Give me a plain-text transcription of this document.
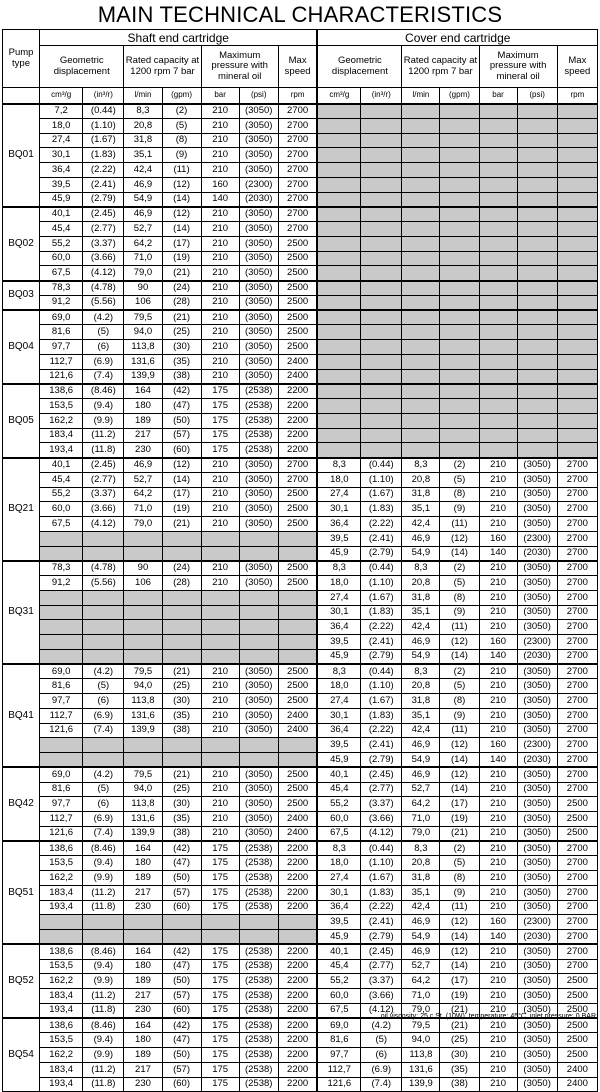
MAIN TECHNICAL CHARACTERISTICS
Pump type	Shaft end cartridge							Cover end cartridge						
	Geometric displacement		Rated capacity at 1200 rpm 7 bar		Maximum pressure with mineral oil		Max speed	Geometric displacement		Rated capacity at 1200 rpm 7 bar		Maximum pressure with mineral oil		Max speed
	cm³/g	(in³/r)	l/min	(gpm)	bar	(psi)	rpm	cm³/g	(in³/r)	l/min	(gpm)	bar	(psi)	rpm
BQ01	7,2	(0.44)	8,3	(2)	210	(3050)	2700							
	18,0	(1.10)	20,8	(5)	210	(3050)	2700							
	27,4	(1.67)	31,8	(8)	210	(3050)	2700							
	30,1	(1.83)	35,1	(9)	210	(3050)	2700							
	36,4	(2.22)	42,4	(11)	210	(3050)	2700							
	39,5	(2.41)	46,9	(12)	160	(2300)	2700							
	45,9	(2.79)	54,9	(14)	140	(2030)	2700							
BQ02	40,1	(2.45)	46,9	(12)	210	(3050)	2700							
	45,4	(2.77)	52,7	(14)	210	(3050)	2700							
	55,2	(3.37)	64,2	(17)	210	(3050)	2500							
	60,0	(3.66)	71,0	(19)	210	(3050)	2500							
	67,5	(4.12)	79,0	(21)	210	(3050)	2500							
BQ03	78,3	(4.78)	90	(24)	210	(3050)	2500							
	91,2	(5.56)	106	(28)	210	(3050)	2500							
BQ04	69,0	(4.2)	79,5	(21)	210	(3050)	2500							
	81,6	(5)	94,0	(25)	210	(3050)	2500							
	97,7	(6)	113,8	(30)	210	(3050)	2500							
	112,7	(6.9)	131,6	(35)	210	(3050)	2400							
	121,6	(7.4)	139,9	(38)	210	(3050)	2400							
BQ05	138,6	(8.46)	164	(42)	175	(2538)	2200							
	153,5	(9.4)	180	(47)	175	(2538)	2200							
	162,2	(9.9)	189	(50)	175	(2538)	2200							
	183,4	(11.2)	217	(57)	175	(2538)	2200							
	193,4	(11.8)	230	(60)	175	(2538)	2200							
BQ21	40,1	(2.45)	46,9	(12)	210	(3050)	2700	8,3	(0.44)	8,3	(2)	210	(3050)	2700
	45,4	(2.77)	52,7	(14)	210	(3050)	2700	18,0	(1.10)	20,8	(5)	210	(3050)	2700
	55,2	(3.37)	64,2	(17)	210	(3050)	2500	27,4	(1.67)	31,8	(8)	210	(3050)	2700
	60,0	(3.66)	71,0	(19)	210	(3050)	2500	30,1	(1.83)	35,1	(9)	210	(3050)	2700
	67,5	(4.12)	79,0	(21)	210	(3050)	2500	36,4	(2.22)	42,4	(11)	210	(3050)	2700
								39,5	(2.41)	46,9	(12)	160	(2300)	2700
								45,9	(2.79)	54,9	(14)	140	(2030)	2700
BQ31	78,3	(4.78)	90	(24)	210	(3050)	2500	8,3	(0.44)	8,3	(2)	210	(3050)	2700
	91,2	(5.56)	106	(28)	210	(3050)	2500	18,0	(1.10)	20,8	(5)	210	(3050)	2700
								27,4	(1.67)	31,8	(8)	210	(3050)	2700
								30,1	(1.83)	35,1	(9)	210	(3050)	2700
								36,4	(2.22)	42,4	(11)	210	(3050)	2700
								39,5	(2.41)	46,9	(12)	160	(2300)	2700
								45,9	(2.79)	54,9	(14)	140	(2030)	2700
BQ41	69,0	(4.2)	79,5	(21)	210	(3050)	2500	8,3	(0.44)	8,3	(2)	210	(3050)	2700
	81,6	(5)	94,0	(25)	210	(3050)	2500	18,0	(1.10)	20,8	(5)	210	(3050)	2700
	97,7	(6)	113,8	(30)	210	(3050)	2500	27,4	(1.67)	31,8	(8)	210	(3050)	2700
	112,7	(6.9)	131,6	(35)	210	(3050)	2400	30,1	(1.83)	35,1	(9)	210	(3050)	2700
	121,6	(7.4)	139,9	(38)	210	(3050)	2400	36,4	(2.22)	42,4	(11)	210	(3050)	2700
								39,5	(2.41)	46,9	(12)	160	(2300)	2700
								45,9	(2.79)	54,9	(14)	140	(2030)	2700
BQ42	69,0	(4.2)	79,5	(21)	210	(3050)	2500	40,1	(2.45)	46,9	(12)	210	(3050)	2700
	81,6	(5)	94,0	(25)	210	(3050)	2500	45,4	(2.77)	52,7	(14)	210	(3050)	2700
	97,7	(6)	113,8	(30)	210	(3050)	2500	55,2	(3.37)	64,2	(17)	210	(3050)	2500
	112,7	(6.9)	131,6	(35)	210	(3050)	2400	60,0	(3.66)	71,0	(19)	210	(3050)	2500
	121,6	(7.4)	139,9	(38)	210	(3050)	2400	67,5	(4.12)	79,0	(21)	210	(3050)	2500
BQ51	138,6	(8.46)	164	(42)	175	(2538)	2200	8,3	(0.44)	8,3	(2)	210	(3050)	2700
	153,5	(9.4)	180	(47)	175	(2538)	2200	18,0	(1.10)	20,8	(5)	210	(3050)	2700
	162,2	(9.9)	189	(50)	175	(2538)	2200	27,4	(1.67)	31,8	(8)	210	(3050)	2700
	183,4	(11.2)	217	(57)	175	(2538)	2200	30,1	(1.83)	35,1	(9)	210	(3050)	2700
	193,4	(11.8)	230	(60)	175	(2538)	2200	36,4	(2.22)	42,4	(11)	210	(3050)	2700
								39,5	(2.41)	46,9	(12)	160	(2300)	2700
								45,9	(2.79)	54,9	(14)	140	(2030)	2700
BQ52	138,6	(8.46)	164	(42)	175	(2538)	2200	40,1	(2.45)	46,9	(12)	210	(3050)	2700
	153,5	(9.4)	180	(47)	175	(2538)	2200	45,4	(2.77)	52,7	(14)	210	(3050)	2700
	162,2	(9.9)	189	(50)	175	(2538)	2200	55,2	(3.37)	64,2	(17)	210	(3050)	2500
	183,4	(11.2)	217	(57)	175	(2538)	2200	60,0	(3.66)	71,0	(19)	210	(3050)	2500
	193,4	(11.8)	230	(60)	175	(2538)	2200	67,5	(4.12)	79,0	(21)	210	(3050)	2500
BQ54	138,6	(8.46)	164	(42)	175	(2538)	2200	69,0	(4.2)	79,5	(21)	210	(3050)	2500
	153,5	(9.4)	180	(47)	175	(2538)	2200	81,6	(5)	94,0	(25)	210	(3050)	2500
	162,2	(9.9)	189	(50)	175	(2538)	2200	97,7	(6)	113,8	(30)	210	(3050)	2500
	183,4	(11.2)	217	(57)	175	(2538)	2200	112,7	(6.9)	131,6	(35)	210	(3050)	2400
	193,4	(11.8)	230	(60)	175	(2538)	2200	121,6	(7.4)	139,9	(38)	210	(3050)	2400
oil viscosity: 25 c.St. (10W), temperature: 45°C, inlet pressure: 0 BAR
